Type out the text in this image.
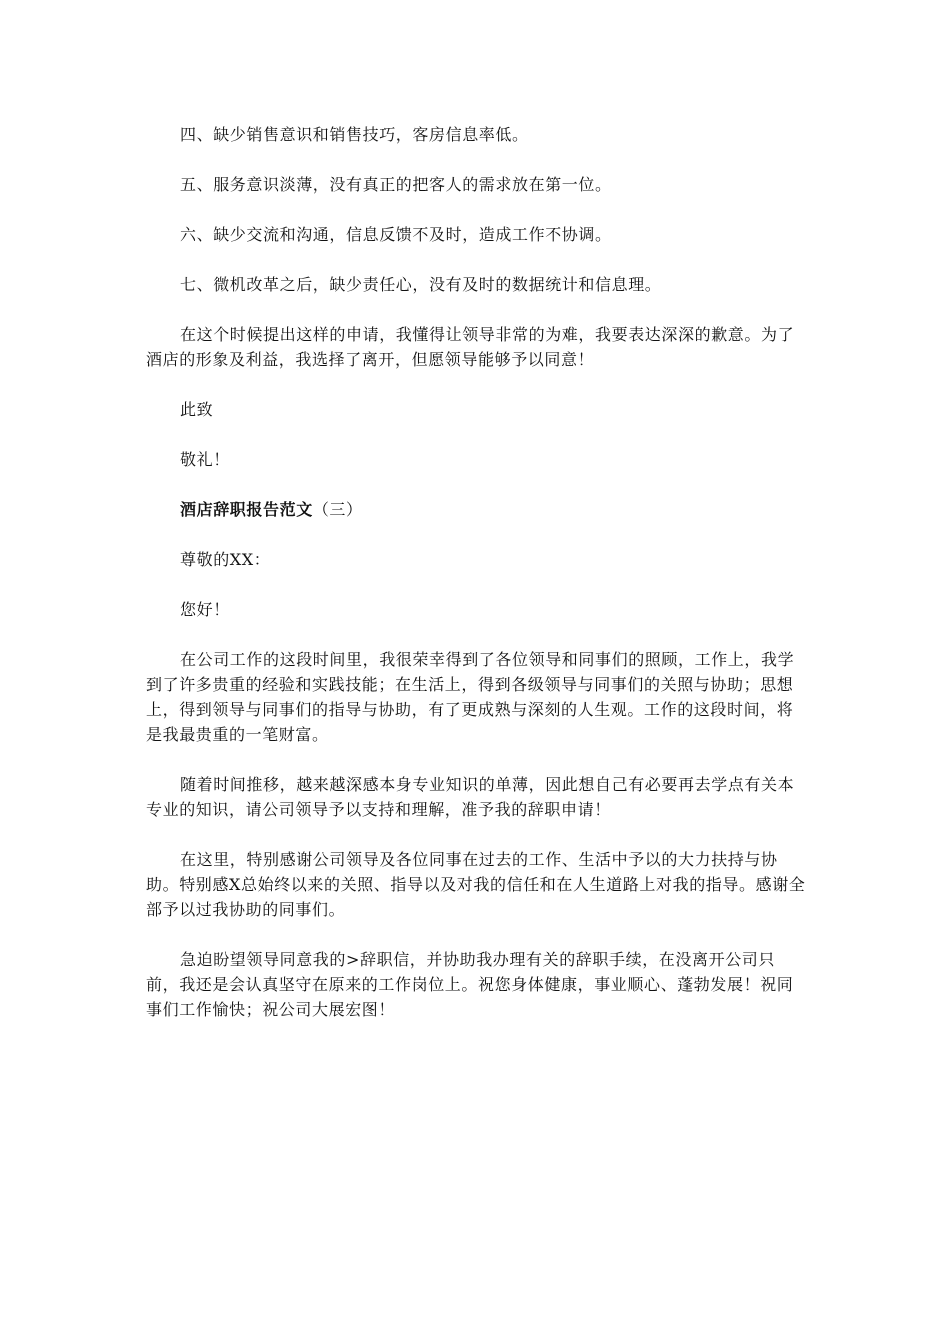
四、缺少销售意识和销售技巧，客房信息率低。

五、服务意识淡薄，没有真正的把客人的需求放在第一位。

六、缺少交流和沟通，信息反馈不及时，造成工作不协调。

七、微机改革之后，缺少责任心，没有及时的数据统计和信息理。

在这个时候提出这样的申请，我懂得让领导非常的为难，我要表达深深的歉意。为了酒店的形象及利益，我选择了离开，但愿领导能够予以同意！

此致

敬礼！

酒店辞职报告范文（三）

尊敬的XX：

您好！

在公司工作的这段时间里，我很荣幸得到了各位领导和同事们的照顾，工作上，我学到了许多贵重的经验和实践技能；在生活上，得到各级领导与同事们的关照与协助；思想上，得到领导与同事们的指导与协助，有了更成熟与深刻的人生观。工作的这段时间，将是我最贵重的一笔财富。

随着时间推移，越来越深感本身专业知识的单薄，因此想自己有必要再去学点有关本专业的知识，请公司领导予以支持和理解，准予我的辞职申请！

在这里，特别感谢公司领导及各位同事在过去的工作、生活中予以的大力扶持与协助。特别感X总始终以来的关照、指导以及对我的信任和在人生道路上对我的指导。感谢全部予以过我协助的同事们。

急迫盼望领导同意我的>辞职信，并协助我办理有关的辞职手续，在没离开公司只前，我还是会认真坚守在原来的工作岗位上。祝您身体健康，事业顺心、蓬勃发展！祝同事们工作愉快；祝公司大展宏图！
